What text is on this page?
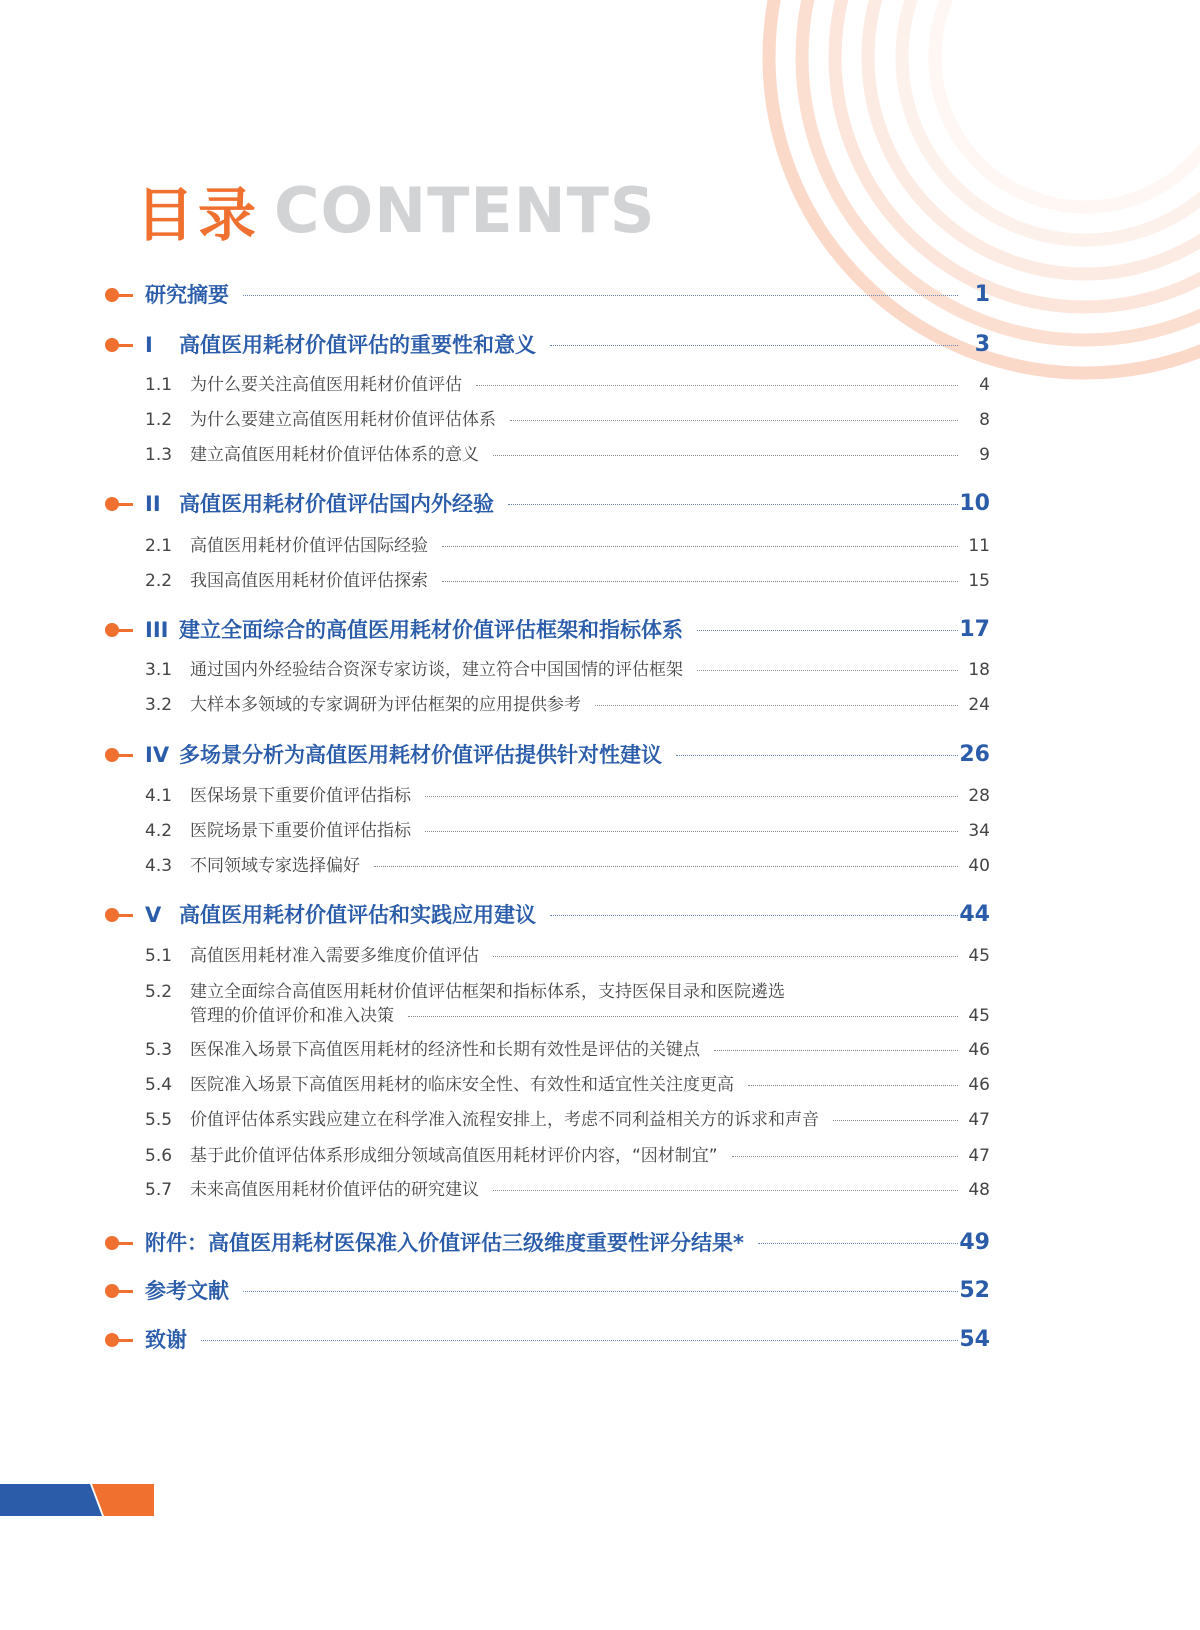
目录 CONTENTS
研究摘要	1
I 高值医用耗材价值评估的重要性和意义	3
1.1 为什么要关注高值医用耗材价值评估	4
1.2 为什么要建立高值医用耗材价值评估体系	8
1.3 建立高值医用耗材价值评估体系的意义	9
II 高值医用耗材价值评估国内外经验	10
2.1 高值医用耗材价值评估国际经验	11
2.2 我国高值医用耗材价值评估探索	15
III 建立全面综合的高值医用耗材价值评估框架和指标体系	17
3.1 通过国内外经验结合资深专家访谈，建立符合中国国情的评估框架	18
3.2 大样本多领域的专家调研为评估框架的应用提供参考	24
IV 多场景分析为高值医用耗材价值评估提供针对性建议	26
4.1 医保场景下重要价值评估指标	28
4.2 医院场景下重要价值评估指标	34
4.3 不同领域专家选择偏好	40
V 高值医用耗材价值评估和实践应用建议	44
5.1 高值医用耗材准入需要多维度价值评估	45
5.2 建立全面综合高值医用耗材价值评估框架和指标体系，支持医保目录和医院遴选
管理的价值评价和准入决策	45
5.3 医保准入场景下高值医用耗材的经济性和长期有效性是评估的关键点	46
5.4 医院准入场景下高值医用耗材的临床安全性、有效性和适宜性关注度更高	46
5.5 价值评估体系实践应建立在科学准入流程安排上，考虑不同利益相关方的诉求和声音	47
5.6 基于此价值评估体系形成细分领域高值医用耗材评价内容，“因材制宜”	47
5.7 未来高值医用耗材价值评估的研究建议	48
附件：高值医用耗材医保准入价值评估三级维度重要性评分结果*	49
参考文献	52
致谢	54
